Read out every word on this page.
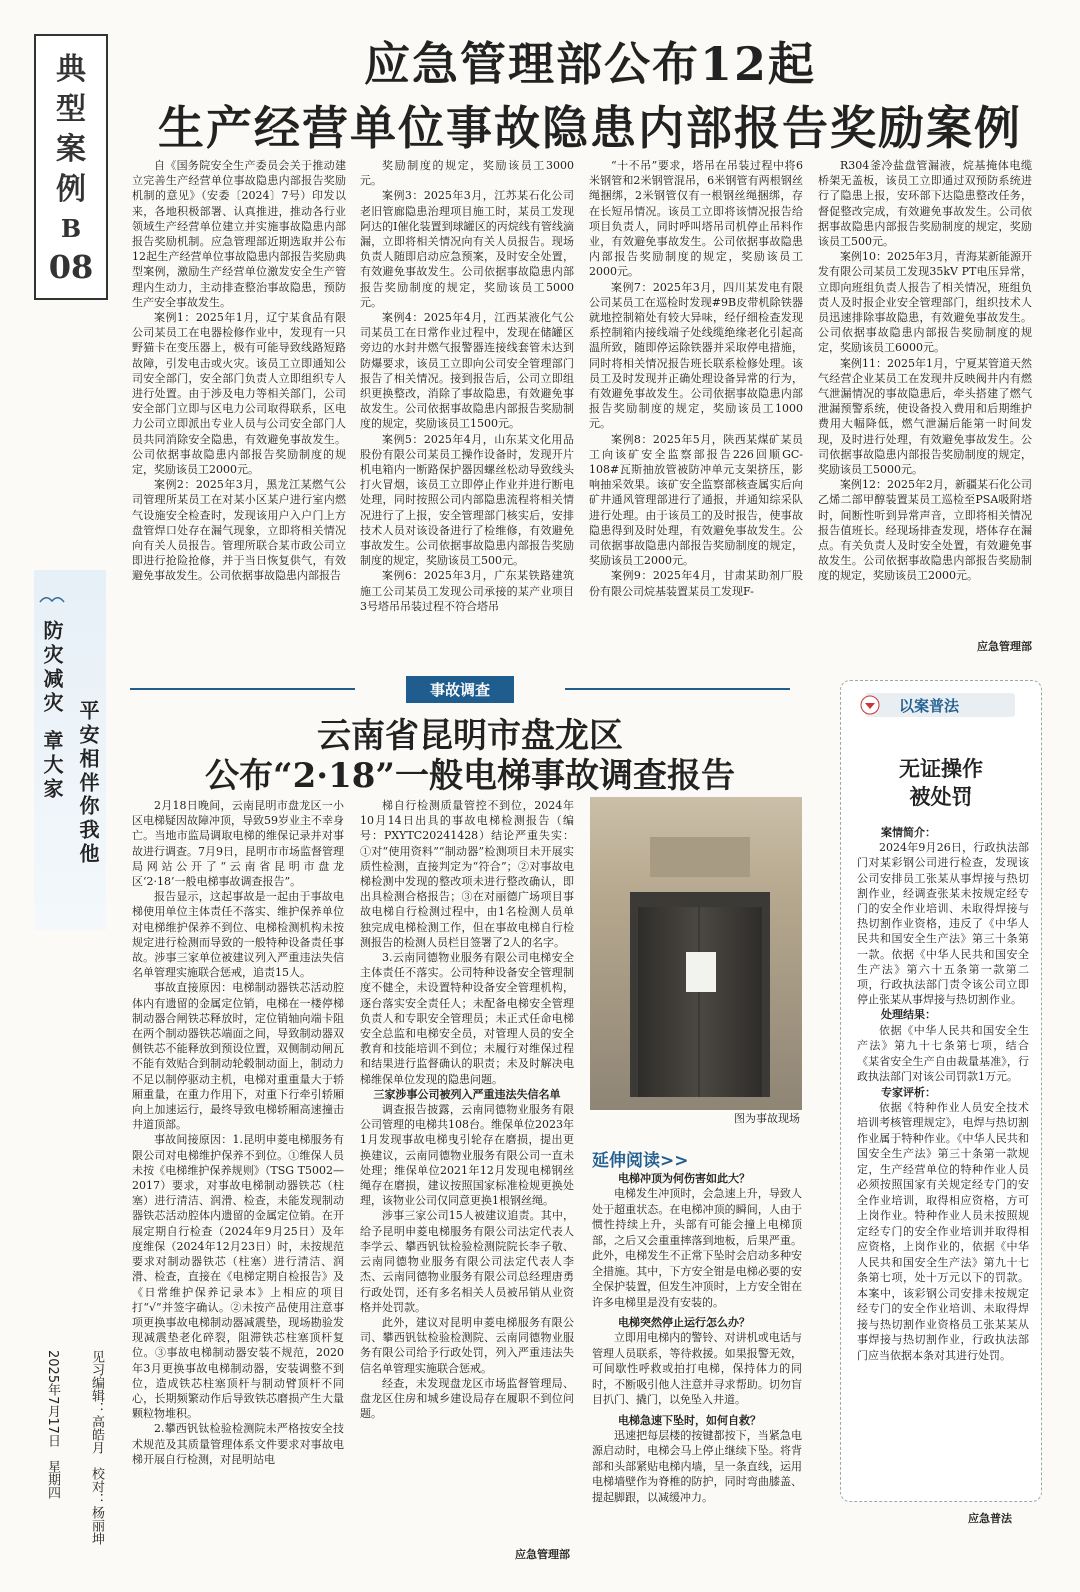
典
型
案
例
B
08
防灾减灾
章大家 平安相伴
你我他
见习编辑：高皓月　校对：杨丽坤
2025年7月17日　星期四
应急管理部公布12起
生产经营单位事故隐患内部报告奖励案例

自《国务院安全生产委员会关于推动建立完善生产经营单位事故隐患内部报告奖励机制的意见》（安委〔2024〕7号）印发以来，各地积极部署、认真推进，推动各行业领域生产经营单位建立并实施事故隐患内部报告奖励机制。应急管理部近期选取并公布12起生产经营单位事故隐患内部报告奖励典型案例，激励生产经营单位激发安全生产管理内生动力，主动排查整治事故隐患，预防生产安全事故发生。

案例1：2025年1月，辽宁某食品有限公司某员工在电器检修作业中，发现有一只野猫卡在变压器上，极有可能导致线路短路故障，引发电击或火灾。该员工立即通知公司安全部门，安全部门负责人立即组织专人进行处置。由于涉及电力等相关部门，公司安全部门立即与区电力公司取得联系，区电力公司立即派出专业人员与公司安全部门人员共同消除安全隐患，有效避免事故发生。公司依据事故隐患内部报告奖励制度的规定，奖励该员工2000元。

案例2：2025年3月，黑龙江某燃气公司管理所某员工在对某小区某户进行室内燃气设施安全检查时，发现该用户入户门上方盘管焊口处存在漏气现象，立即将相关情况向有关人员报告。管理所联合某市政公司立即进行抢险抢修，并于当日恢复供气，有效避免事故发生。公司依据事故隐患内部报告

奖励制度的规定，奖励该员工3000元。

案例3：2025年3月，江苏某石化公司老旧管廊隐患治理项目施工时，某员工发现阿达的I催化装置到球罐区的丙烷线有管线滴漏，立即将相关情况向有关人员报告。现场负责人随即启动应急预案，及时安全处置，有效避免事故发生。公司依据事故隐患内部报告奖励制度的规定，奖励该员工5000元。

案例4：2025年4月，江西某液化气公司某员工在日常作业过程中，发现在储罐区旁边的水封井燃气报警器连接线套管未达到防爆要求，该员工立即向公司安全管理部门报告了相关情况。接到报告后，公司立即组织更换整改，消除了事故隐患，有效避免事故发生。公司依据事故隐患内部报告奖励制度的规定，奖励该员工1500元。

案例5：2025年4月，山东某文化用品股份有限公司某员工操作设备时，发现开片机电箱内一断路保护器因螺丝松动导致线头打火冒烟，该员工立即停止作业并进行断电处理，同时按照公司内部隐患流程将相关情况进行了上报，安全管理部门核实后，安排技术人员对该设备进行了检维修，有效避免事故发生。公司依据事故隐患内部报告奖励制度的规定，奖励该员工500元。

案例6：2025年3月，广东某铁路建筑施工公司某员工发现公司承接的某产业项目3号塔吊吊装过程不符合塔吊

“十不吊”要求，塔吊在吊装过程中将6米钢管和2米钢管混吊，6米钢管有两根钢丝绳捆绑，2米钢管仅有一根钢丝绳捆绑，存在长短吊情况。该员工立即将该情况报告给项目负责人，同时呼叫塔吊司机停止吊料作业，有效避免事故发生。公司依据事故隐患内部报告奖励制度的规定，奖励该员工2000元。

案例7：2025年3月，四川某发电有限公司某员工在巡检时发现#9B皮带机除铁器就地控制箱处有较大异味，经仔细检查发现系控制箱内接线端子处线缆绝缘老化引起高温所致，随即停运除铁器并采取停电措施，同时将相关情况报告班长联系检修处理。该员工及时发现并正确处理设备异常的行为，有效避免事故发生。公司依据事故隐患内部报告奖励制度的规定，奖励该员工1000元。

案例8：2025年5月，陕西某煤矿某员工向该矿安全监察部报告226回顺GC-108#瓦斯抽放管被防冲单元支架挤压，影响抽采效果。该矿安全监察部核查属实后向矿井通风管理部进行了通报，并通知综采队进行处理。由于该员工的及时报告，使事故隐患得到及时处理，有效避免事故发生。公司依据事故隐患内部报告奖励制度的规定，奖励该员工2000元。

案例9：2025年4月，甘肃某助剂厂股份有限公司烷基装置某员工发现F-

R304釜冷盐盘管漏液，烷基掩体电缆桥架无盖板，该员工立即通过双预防系统进行了隐患上报，安环部下达隐患整改任务，督促整改完成，有效避免事故发生。公司依据事故隐患内部报告奖励制度的规定，奖励该员工500元。

案例10：2025年3月，青海某新能源开发有限公司某员工发现35kV PT电压异常，立即向班组负责人报告了相关情况，班组负责人及时报企业安全管理部门，组织技术人员迅速排除事故隐患，有效避免事故发生。公司依据事故隐患内部报告奖励制度的规定，奖励该员工6000元。

案例11：2025年1月，宁夏某管道天然气经营企业某员工在发现井反映阀井内有燃气泄漏情况的事故隐患后，牵头搭建了燃气泄漏预警系统，使设备投入费用和后期维护费用大幅降低，燃气泄漏后能第一时间发现，及时进行处理，有效避免事故发生。公司依据事故隐患内部报告奖励制度的规定，奖励该员工5000元。

案例12：2025年2月，新疆某石化公司乙烯二部甲醇装置某员工巡检至PSA吸附塔时，间断性听到异常声音，立即将相关情况报告值班长。经现场排查发现，塔体存在漏点。有关负责人及时安全处置，有效避免事故发生。公司依据事故隐患内部报告奖励制度的规定，奖励该员工2000元。

应急管理部
事故调查
云南省昆明市盘龙区
公布“2·18”一般电梯事故调查报告

2月18日晚间，云南昆明市盘龙区一小区电梯疑因故障冲顶，导致59岁业主不幸身亡。当地市监局调取电梯的维保记录并对事故进行调查。7月9日，昆明市市场监督管理局网站公开了“云南省昆明市盘龙区‘2·18’一般电梯事故调查报告”。

报告显示，这起事故是一起由于事故电梯使用单位主体责任不落实、维护保养单位对电梯维护保养不到位、电梯检测机构未按规定进行检测而导致的一般特种设备责任事故。涉事三家单位被建议列入严重违法失信名单管理实施联合惩戒，追责15人。

事故直接原因：电梯制动器铁芯活动腔体内有遗留的金属定位销，电梯在一楼停梯制动器合闸铁芯释放时，定位销轴向端卡阻在两个制动器铁芯端面之间，导致制动器双侧铁芯不能释放到预设位置，双侧制动闸瓦不能有效贴合到制动轮毂制动面上，制动力不足以制停驱动主机，电梯对重重量大于轿厢重量，在重力作用下，对重下行牵引轿厢向上加速运行，最终导致电梯轿厢高速撞击井道顶部。

事故间接原因：1.昆明申菱电梯服务有限公司对电梯维护保养不到位。①维保人员未按《电梯维护保养规则》（TSG T5002—2017）要求，对事故电梯制动器铁芯（柱塞）进行清洁、润滑、检查，未能发现制动器铁芯活动腔体内遗留的金属定位销。在开展定期自行检查（2024年9月25日）及年度维保（2024年12月23日）时，未按规范要求对制动器铁芯（柱塞）进行清洁、润滑、检查，直接在《电梯定期自检报告》及《日常维护保养记录本》上相应的项目打“√”并签字确认。②未按产品使用注意事项更换事故电梯制动器减震垫，现场勘验发现减震垫老化碎裂，阻滞铁芯柱塞顶杆复位。③事故电梯制动器安装不规范，2020年3月更换事故电梯制动器，安装调整不到位，造成铁芯柱塞顶杆与制动臂顶杆不同心，长期频繁动作后导致铁芯磨损产生大量颗粒物堆积。

2.攀西钒钛检验检测院未严格按安全技术规范及其质量管理体系文件要求对事故电梯开展自行检测，对昆明站电

梯自行检测质量管控不到位，2024年10月14日出具的事故电梯检测报告（编号：PXYTC20241428）结论严重失实：①对“使用资料”“制动器”检测项目未开展实质性检测，直接判定为“符合”；②对事故电梯检测中发现的整改项未进行整改确认，即出具检测合格报告；③在对丽德广场项目事故电梯自行检测过程中，由1名检测人员单独完成电梯检测工作，但在事故电梯自行检测报告的检测人员栏目签署了2人的名字。

3.云南同德物业服务有限公司电梯安全主体责任不落实。公司特种设备安全管理制度不健全，未设置特种设备安全管理机构，逐台落实安全责任人；未配备电梯安全管理负责人和专职安全管理员；未正式任命电梯安全总监和电梯安全员，对管理人员的安全教育和技能培训不到位；未履行对维保过程和结果进行监督确认的职责；未及时解决电梯维保单位发现的隐患问题。

三家涉事公司被列入严重违法失信名单

调查报告披露，云南同德物业服务有限公司管理的电梯共108台。维保单位2023年1月发现事故电梯曳引轮存在磨损，提出更换建议，云南同德物业服务有限公司一直未处理；维保单位2021年12月发现电梯钢丝绳存在磨损，建议按照国家标准检规更换处理，该物业公司仅同意更换1根钢丝绳。

涉事三家公司15人被建议追责。其中，给予昆明申菱电梯服务有限公司法定代表人李学云、攀西钒钛检验检测院院长李子敬、云南同德物业服务有限公司法定代表人李杰、云南同德物业服务有限公司总经理唐勇行政处罚，还有多名相关人员被吊销从业资格并处罚款。

此外，建议对昆明申菱电梯服务有限公司、攀西钒钛检验检测院、云南同德物业服务有限公司给予行政处罚，列入严重违法失信名单管理实施联合惩戒。

经查，未发现盘龙区市场监督管理局、盘龙区住房和城乡建设局存在履职不到位问题。

应急管理部
图为事故现场
延伸阅读>>
电梯冲顶为何伤害如此大？

电梯发生冲顶时，会急速上升，导致人处于超重状态。在电梯冲顶的瞬间，人由于惯性持续上升，头部有可能会撞上电梯顶部，之后又会重重摔落到地板，后果严重。此外，电梯发生不正常下坠时会启动多种安全措施。其中，下方安全钳是电梯必要的安全保护装置，但发生冲顶时，上方安全钳在许多电梯里是没有安装的。

电梯突然停止运行怎么办？

立即用电梯内的警铃、对讲机或电话与管理人员联系，等待救援。如果报警无效，可间歇性呼救或拍打电梯，保持体力的同时，不断吸引他人注意并寻求帮助。切勿盲目扒门、撬门，以免坠入井道。

电梯急速下坠时，如何自救？

迅速把每层楼的按键都按下，当紧急电源启动时，电梯会马上停止继续下坠。将背部和头部紧贴电梯内墙，呈一条直线，运用电梯墙壁作为脊椎的防护，同时弯曲膝盖、提起脚跟，以减缓冲力。

以案普法
无证操作
被处罚
案情简介：

2024年9月26日，行政执法部门对某彩钢公司进行检查，发现该公司安排员工张某从事焊接与热切割作业，经调查张某未按规定经专门的安全作业培训、未取得焊接与热切割作业资格，违反了《中华人民共和国安全生产法》第三十条第一款。依据《中华人民共和国安全生产法》第六十五条第一款第二项，行政执法部门责令该公司立即停止张某从事焊接与热切割作业。

处理结果：

依据《中华人民共和国安全生产法》第九十七条第七项，结合《某省安全生产自由裁量基准》，行政执法部门对该公司罚款1万元。

专家评析：

依据《特种作业人员安全技术培训考核管理规定》，电焊与热切割作业属于特种作业。《中华人民共和国安全生产法》第三十条第一款规定，生产经营单位的特种作业人员必须按照国家有关规定经专门的安全作业培训，取得相应资格，方可上岗作业。特种作业人员未按照规定经专门的安全作业培训并取得相应资格，上岗作业的，依据《中华人民共和国安全生产法》第九十七条第七项，处十万元以下的罚款。本案中，该彩钢公司安排未按规定经专门的安全作业培训、未取得焊接与热切割作业资格员工张某某从事焊接与热切割作业，行政执法部门应当依据本条对其进行处罚。

应急普法
